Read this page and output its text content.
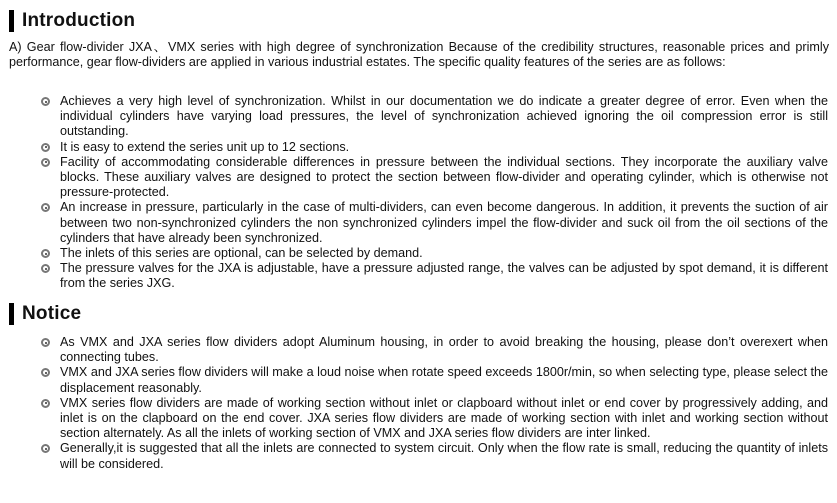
Introduction

A) Gear flow-divider JXA、VMX series with high degree of synchronization Because of the credibility structures, reasonable prices and primly performance, gear flow-dividers are applied in various industrial estates. The specific quality features of the series are as follows:

Achieves a very high level of synchronization. Whilst in our documentation we do indicate a greater degree of error. Even when the individual cylinders have varying load pressures, the level of synchronization achieved ignoring the oil compression error is still outstanding.
It is easy to extend the series unit up to 12 sections.
Facility of accommodating considerable differences in pressure between the individual sections. They incorporate the auxiliary valve blocks. These auxiliary valves are designed to protect the section between flow-divider and operating cylinder, which is otherwise not pressure-protected.
An increase in pressure, particularly in the case of multi-dividers, can even become dangerous. In addition, it prevents the suction of air between two non-synchronized cylinders the non synchronized cylinders impel the flow-divider and suck oil from the oil sections of the cylinders that have already been synchronized.
The inlets of this series are optional, can be selected by demand.
The pressure valves for the JXA is adjustable, have a pressure adjusted range, the valves can be adjusted by spot demand, it is different from the series JXG.
Notice
As VMX and JXA series flow dividers adopt Aluminum housing, in order to avoid breaking the housing, please don’t overexert when connecting tubes.
VMX and JXA series flow dividers will make a loud noise when rotate speed exceeds 1800r/min, so when selecting type, please select the displacement reasonably.
VMX series flow dividers are made of working section without inlet or clapboard without inlet or end cover by progressively adding, and inlet is on the clapboard on the end cover. JXA series flow dividers are made of working section with inlet and working section without section alternately. As all the inlets of working section of VMX and JXA series flow dividers are inter linked.
Generally,it is suggested that all the inlets are connected to system circuit. Only when the flow rate is small, reducing the quantity of inlets will be considered.
